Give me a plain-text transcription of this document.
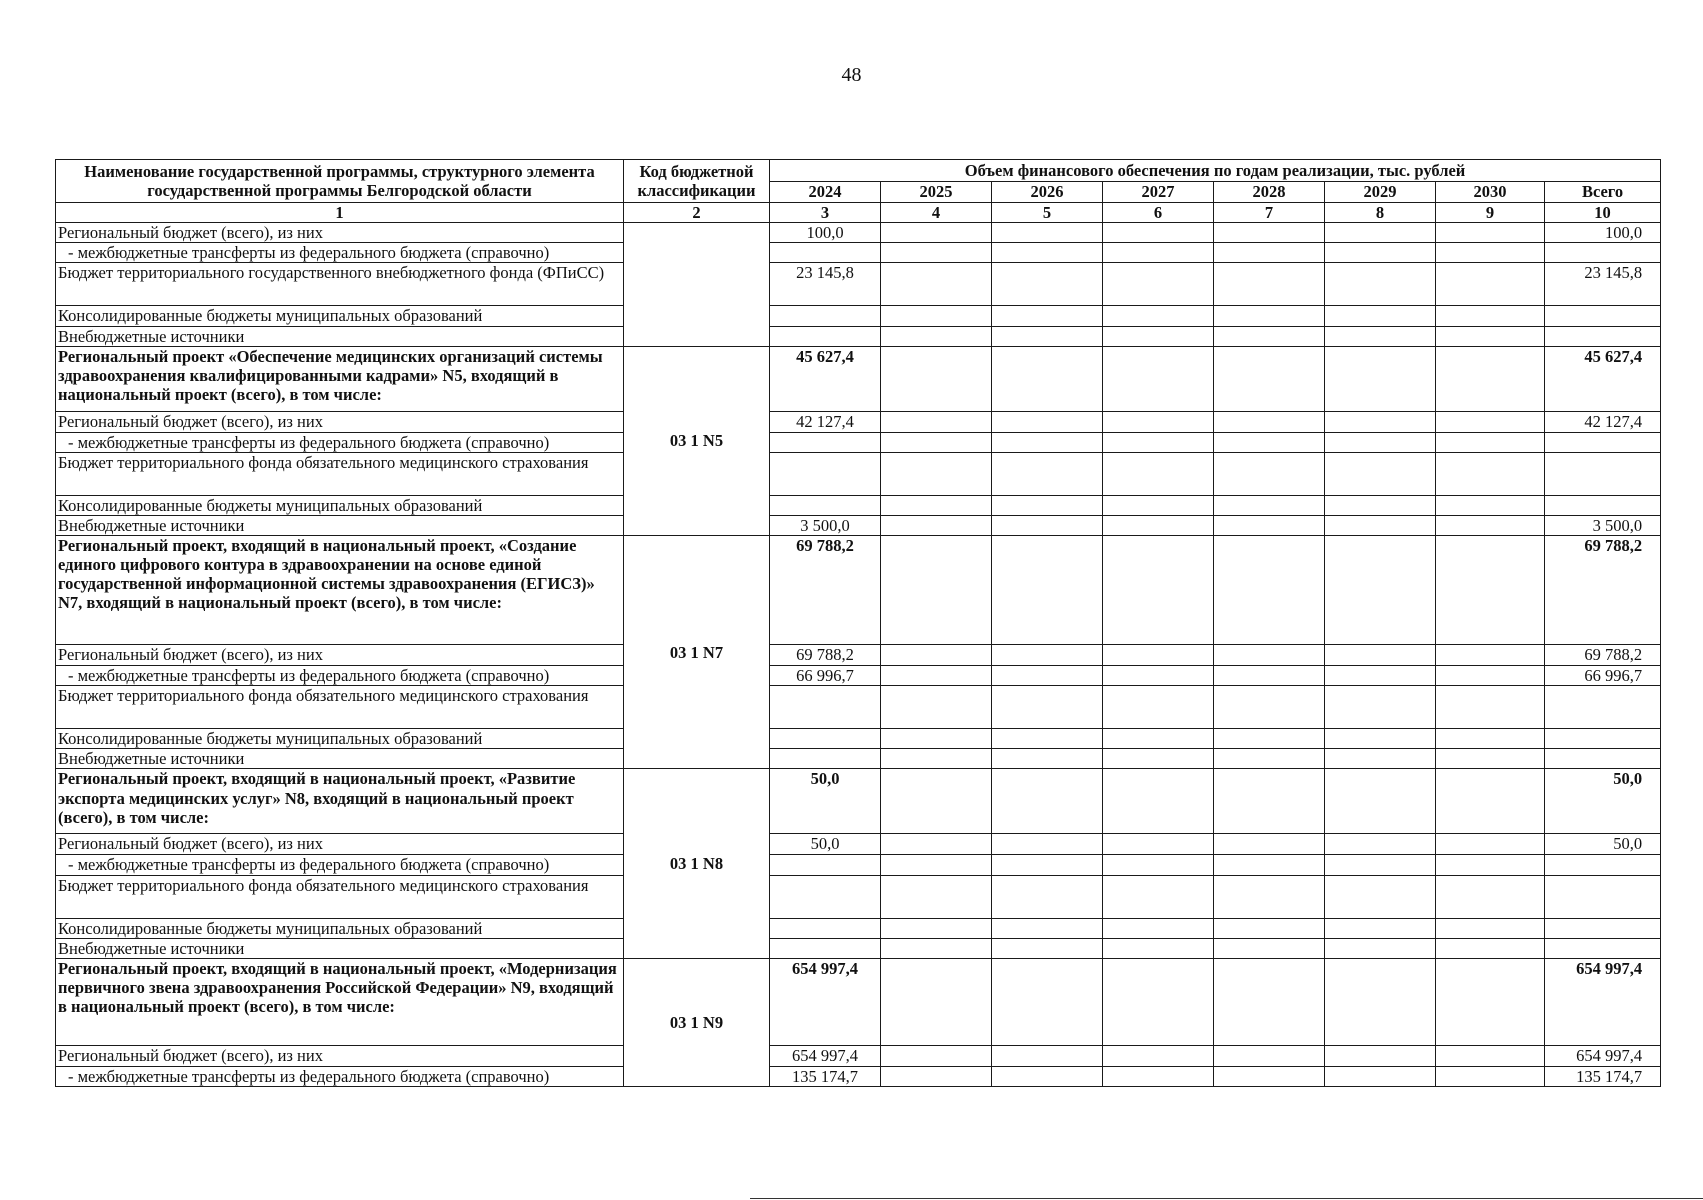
48
Наименование государственной программы, структурного элемента государственной программы Белгородской области	Код бюджетной классификации	Объем финансового обеспечения по годам реализации, тыс. рублей							
		2024	2025	2026	2027	2028	2029	2030	Всего
1	2	3	4	5	6	7	8	9	10
Региональный бюджет (всего), из них		100,0							100,0
- межбюджетные трансферты из федерального бюджета (справочно)									
Бюджет территориального государственного внебюджетного фонда (ФПиСС)		23 145,8							23 145,8
Консолидированные бюджеты муниципальных образований									
Внебюджетные источники									
Региональный проект «Обеспечение медицинских организаций системы здравоохранения квалифицированными кадрами» N5, входящий в национальный проект (всего), в том числе:	03 1 N5	45 627,4							45 627,4
Региональный бюджет (всего), из них		42 127,4							42 127,4
- межбюджетные трансферты из федерального бюджета (справочно)									
Бюджет территориального фонда обязательного медицинского страхования									
Консолидированные бюджеты муниципальных образований									
Внебюджетные источники		3 500,0							3 500,0
Региональный проект, входящий в национальный проект, «Создание единого цифрового контура в здравоохранении на основе единой государственной информационной системы здравоохранения (ЕГИСЗ)» N7, входящий в национальный проект (всего), в том числе:	03 1 N7	69 788,2							69 788,2
Региональный бюджет (всего), из них		69 788,2							69 788,2
- межбюджетные трансферты из федерального бюджета (справочно)		66 996,7							66 996,7
Бюджет территориального фонда обязательного медицинского страхования									
Консолидированные бюджеты муниципальных образований									
Внебюджетные источники									
Региональный проект, входящий в национальный проект, «Развитие экспорта медицинских услуг» N8, входящий в национальный проект (всего), в том числе:	03 1 N8	50,0							50,0
Региональный бюджет (всего), из них		50,0							50,0
- межбюджетные трансферты из федерального бюджета (справочно)									
Бюджет территориального фонда обязательного медицинского страхования									
Консолидированные бюджеты муниципальных образований									
Внебюджетные источники									
Региональный проект, входящий в национальный проект, «Модернизация первичного звена здравоохранения Российской Федерации» N9, входящий в национальный проект (всего), в том числе:	03 1 N9	654 997,4							654 997,4
Региональный бюджет (всего), из них		654 997,4							654 997,4
- межбюджетные трансферты из федерального бюджета (справочно)		135 174,7							135 174,7
